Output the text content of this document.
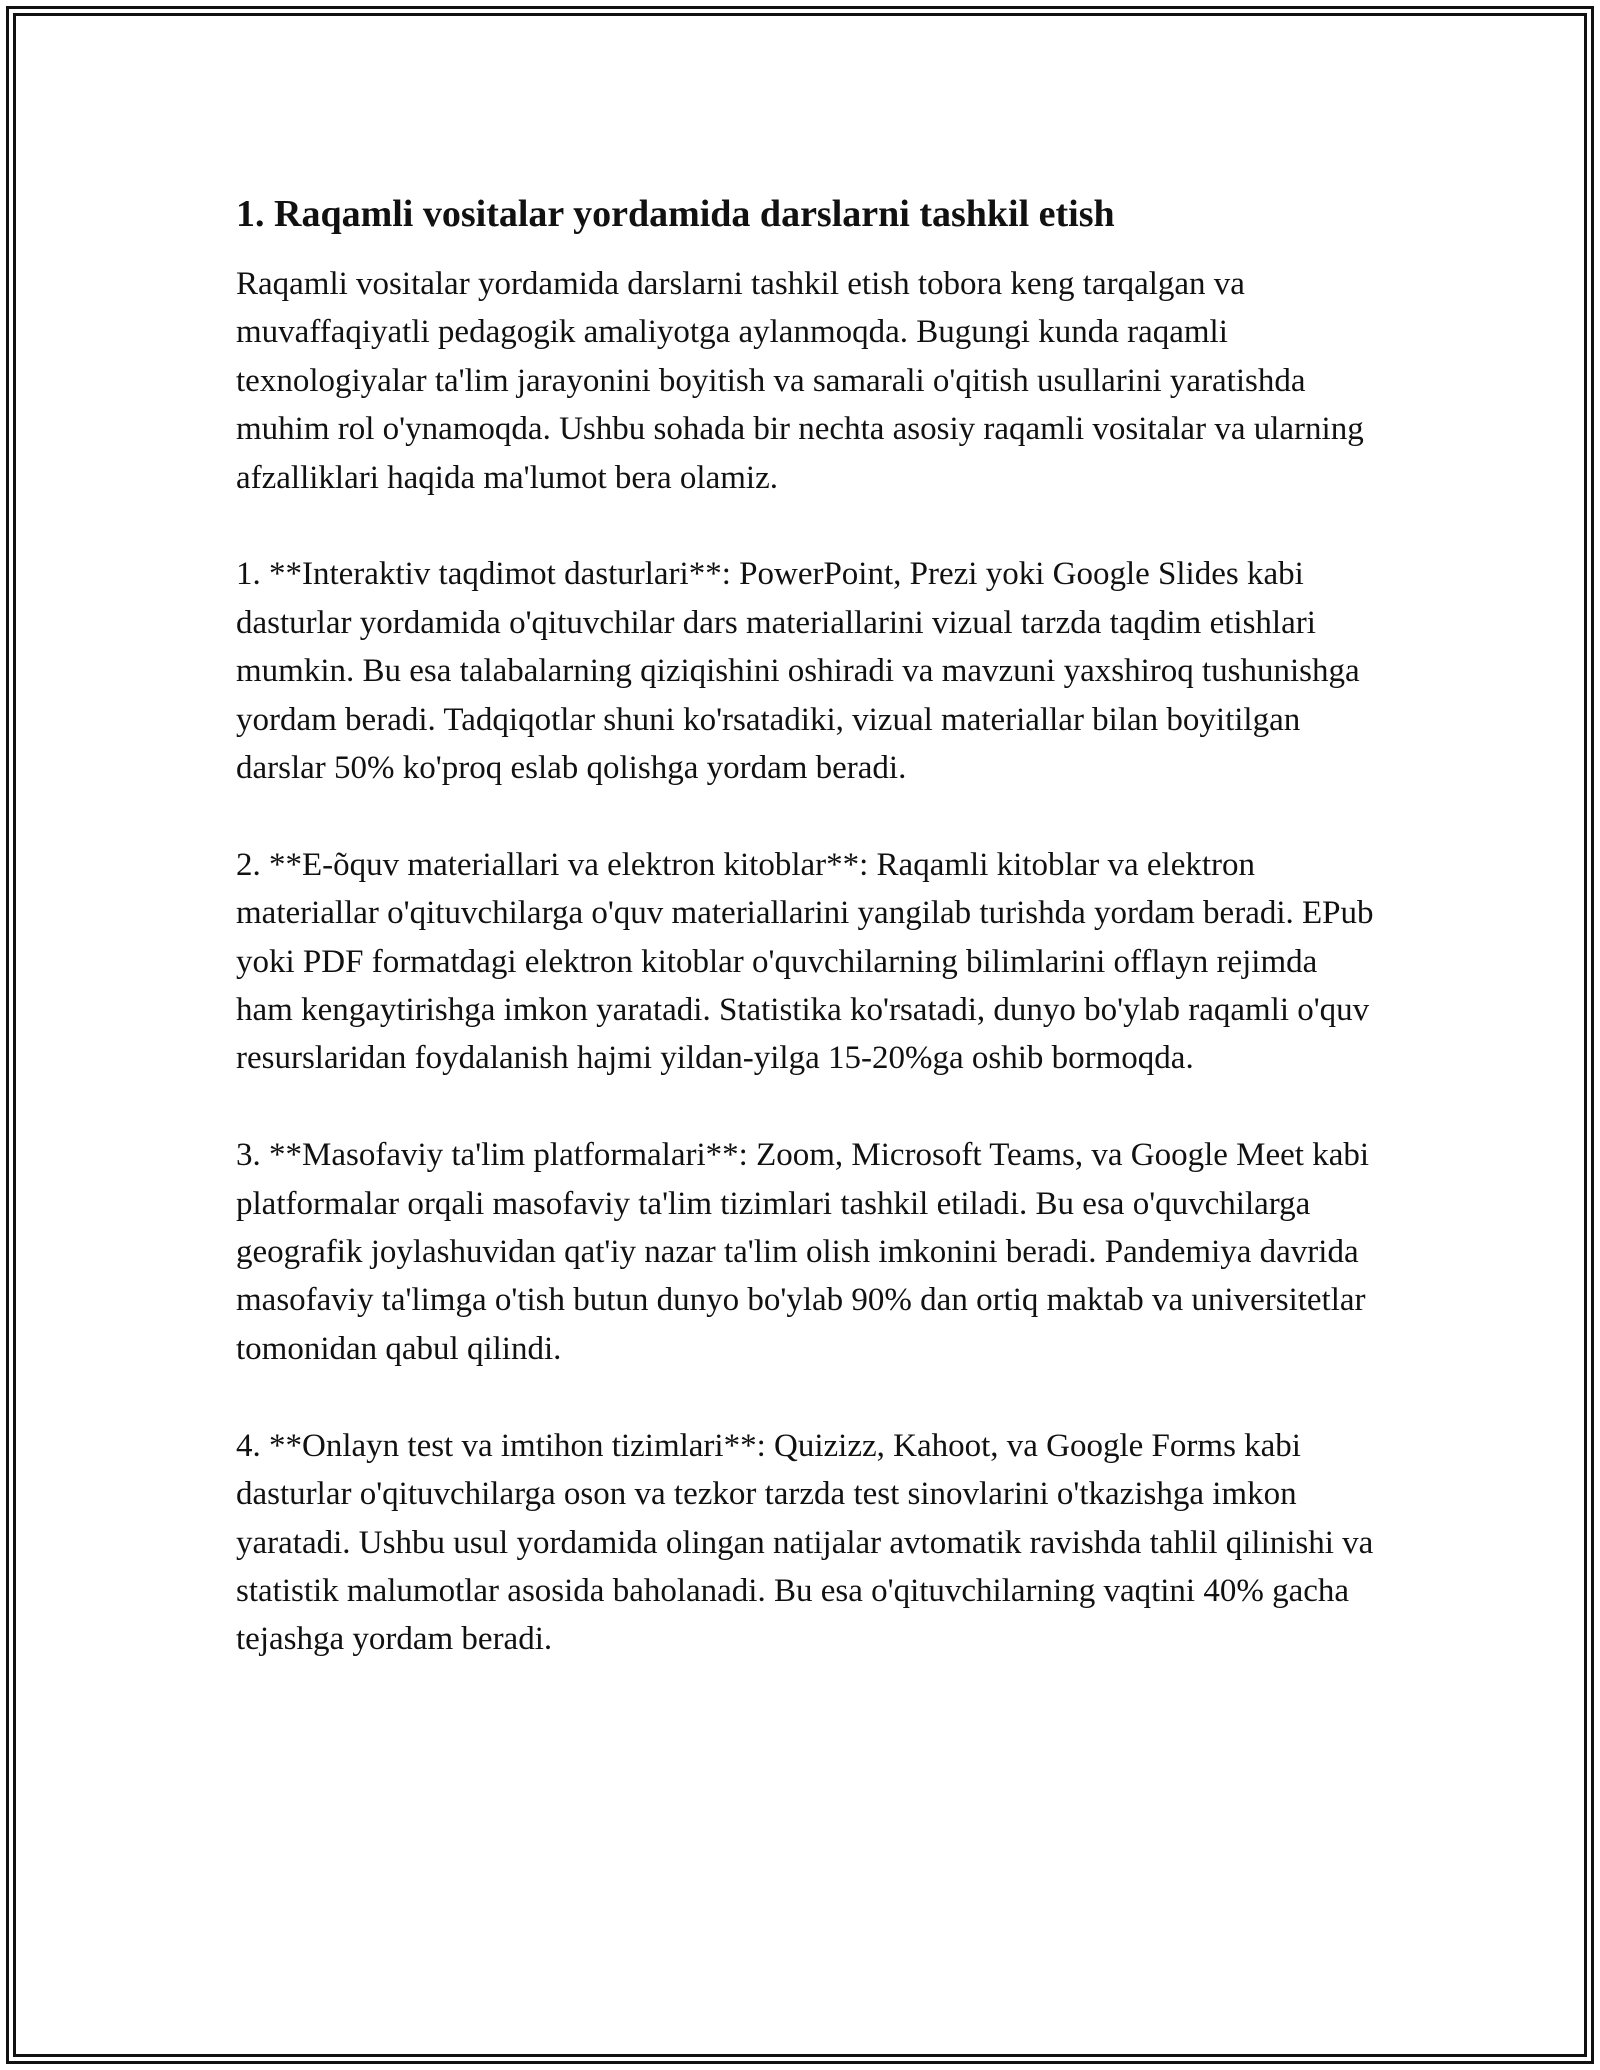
1. Raqamli vositalar yordamida darslarni tashkil etish

Raqamli vositalar yordamida darslarni tashkil etish tobora keng tarqalgan va muvaffaqiyatli pedagogik amaliyotga aylanmoqda. Bugungi kunda raqamli texnologiyalar ta'lim jarayonini boyitish va samarali o'qitish usullarini yaratishda muhim rol o'ynamoqda. Ushbu sohada bir nechta asosiy raqamli vositalar va ularning afzalliklari haqida ma'lumot bera olamiz.

1. **Interaktiv taqdimot dasturlari**: PowerPoint, Prezi yoki Google Slides kabi dasturlar yordamida o'qituvchilar dars materiallarini vizual tarzda taqdim etishlari mumkin. Bu esa talabalarning qiziqishini oshiradi va mavzuni yaxshiroq tushunishga yordam beradi. Tadqiqotlar shuni ko'rsatadiki, vizual materiallar bilan boyitilgan darslar 50% ko'proq eslab qolishga yordam beradi.

2. **E-õquv materiallari va elektron kitoblar**: Raqamli kitoblar va elektron materiallar o'qituvchilarga o'quv materiallarini yangilab turishda yordam beradi. EPub yoki PDF formatdagi elektron kitoblar o'quvchilarning bilimlarini offlayn rejimda ham kengaytirishga imkon yaratadi. Statistika ko'rsatadi, dunyo bo'ylab raqamli o'quv resurslaridan foydalanish hajmi yildan-yilga 15-20%ga oshib bormoqda.

3. **Masofaviy ta'lim platformalari**: Zoom, Microsoft Teams, va Google Meet kabi platformalar orqali masofaviy ta'lim tizimlari tashkil etiladi. Bu esa o'quvchilarga geografik joylashuvidan qat'iy nazar ta'lim olish imkonini beradi. Pandemiya davrida masofaviy ta'limga o'tish butun dunyo bo'ylab 90% dan ortiq maktab va universitetlar tomonidan qabul qilindi.

4. **Onlayn test va imtihon tizimlari**: Quizizz, Kahoot, va Google Forms kabi dasturlar o'qituvchilarga oson va tezkor tarzda test sinovlarini o'tkazishga imkon yaratadi. Ushbu usul yordamida olingan natijalar avtomatik ravishda tahlil qilinishi va statistik malumotlar asosida baholanadi. Bu esa o'qituvchilarning vaqtini 40% gacha tejashga yordam beradi.
